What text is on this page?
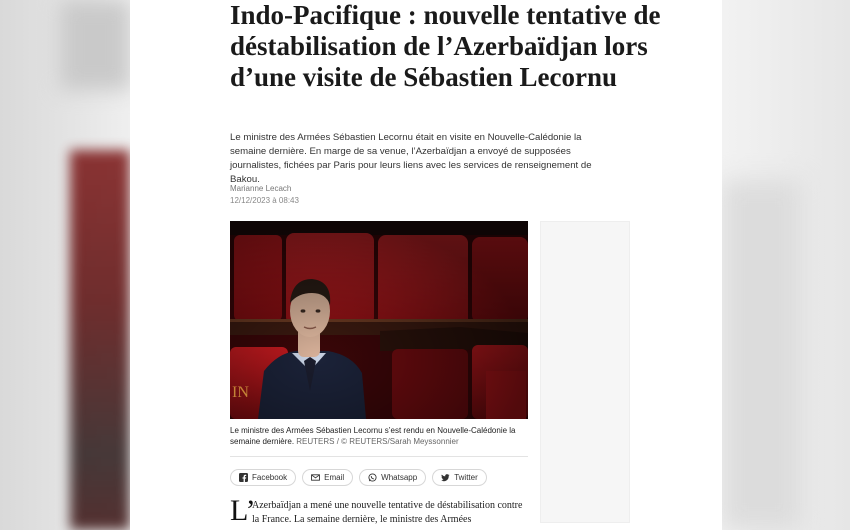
Indo-Pacifique : nouvelle tentative de déstabilisation de l’Azerbaïdjan lors d’une visite de Sébastien Lecornu

Le ministre des Armées Sébastien Lecornu était en visite en Nouvelle-Calédonie la semaine dernière. En marge de sa venue, l’Azerbaïdjan a envoyé de supposées journalistes, fichées par Paris pour leurs liens avec les services de renseignement de Bakou.

Marianne Lecach
12/12/2023 à 08:43
IN
Le ministre des Armées Sébastien Lecornu s’est rendu en Nouvelle-Calédonie la semaine dernière. REUTERS / © REUTERS/Sarah Meyssonnier
Facebook	Email	Whatsapp	Twitter
L’
Azerbaïdjan a mené une nouvelle tentative de déstabilisation contre la France. La semaine dernière, le ministre des Armées
